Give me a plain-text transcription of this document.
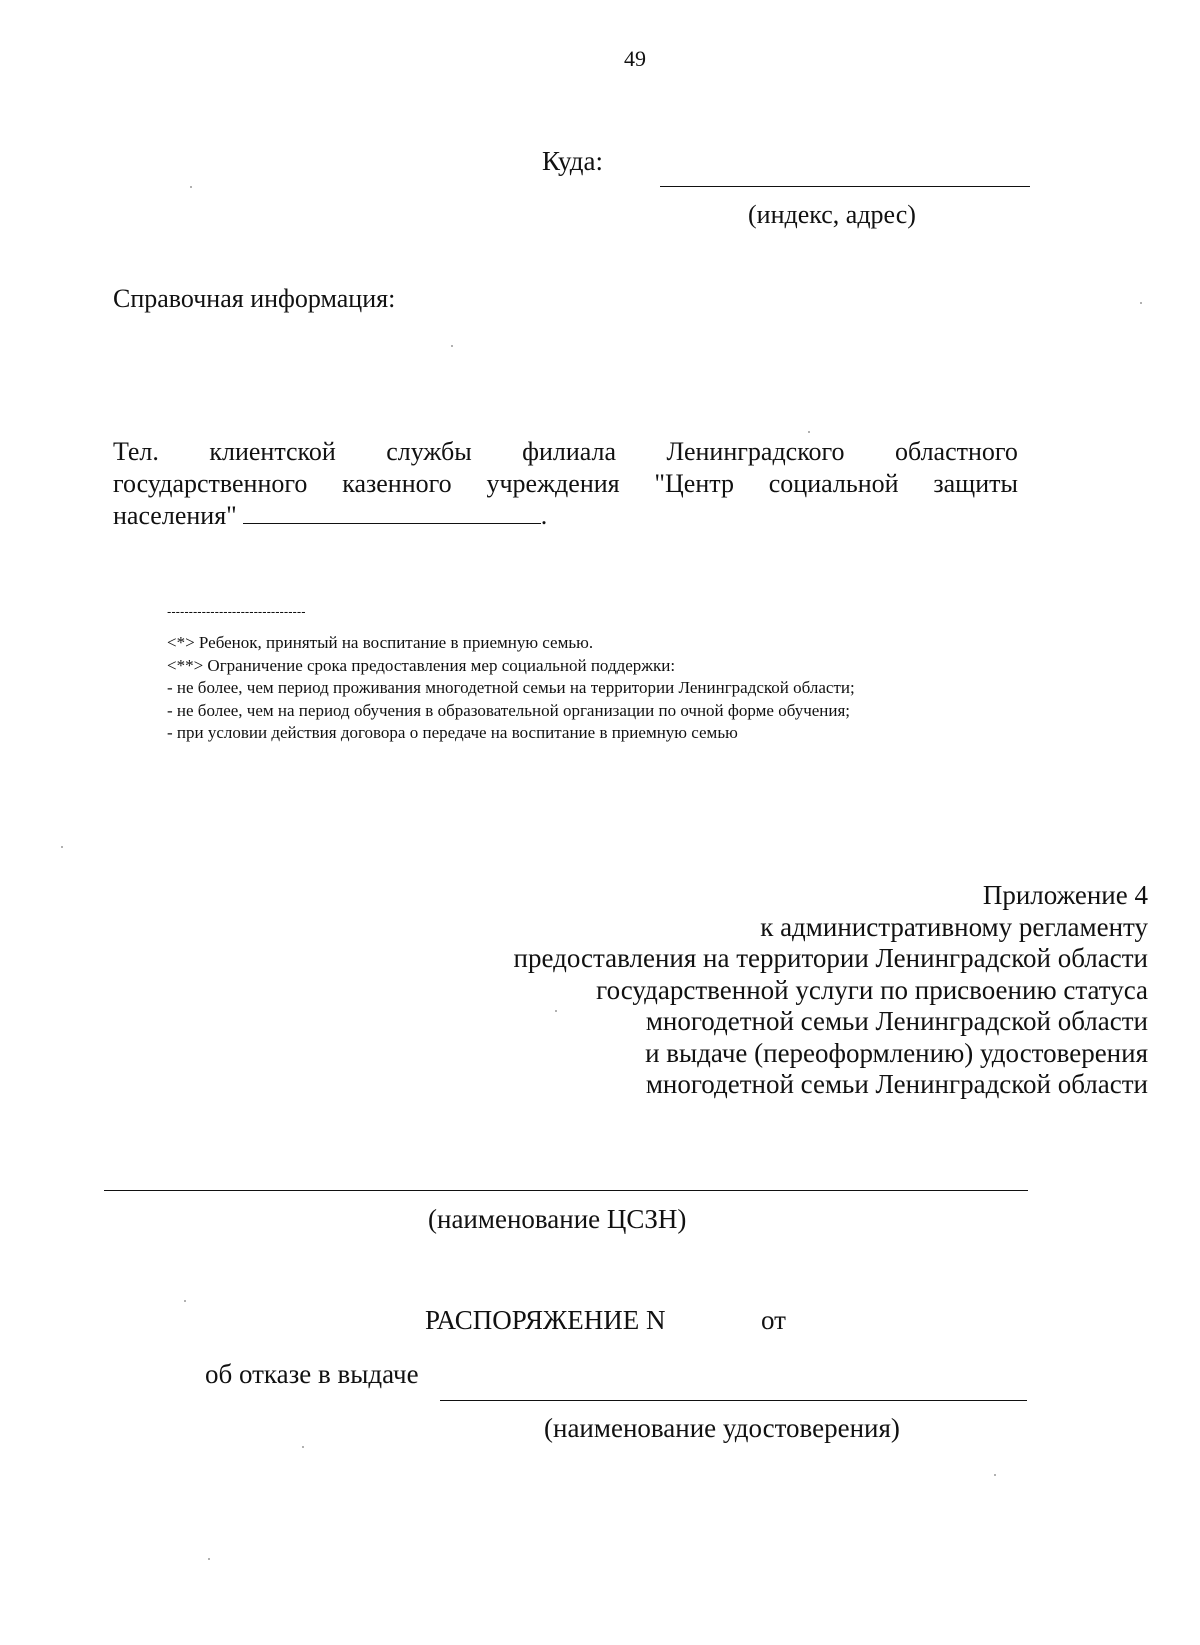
49
Куда:
(индекс, адрес)
Справочная информация:
Тел. клиентской службы филиала Ленинградского областного
государственного казенного учреждения "Центр социальной защиты
населения"	.
--------------------------------
<*> Ребенок, принятый на воспитание в приемную семью.
<**> Ограничение срока предоставления мер социальной поддержки:
- не более, чем период проживания многодетной семьи на территории Ленинградской области;
- не более, чем на период обучения в образовательной организации по очной форме обучения;
- при условии действия договора о передаче на воспитание в приемную семью
Приложение 4
к административному регламенту
предоставления на территории Ленинградской области
государственной услуги по присвоению статуса
многодетной семьи Ленинградской области
и выдаче (переоформлению) удостоверения
многодетной семьи Ленинградской области
(наименование ЦСЗН)
РАСПОРЯЖЕНИЕ N	от
об отказе в выдаче
(наименование удостоверения)
